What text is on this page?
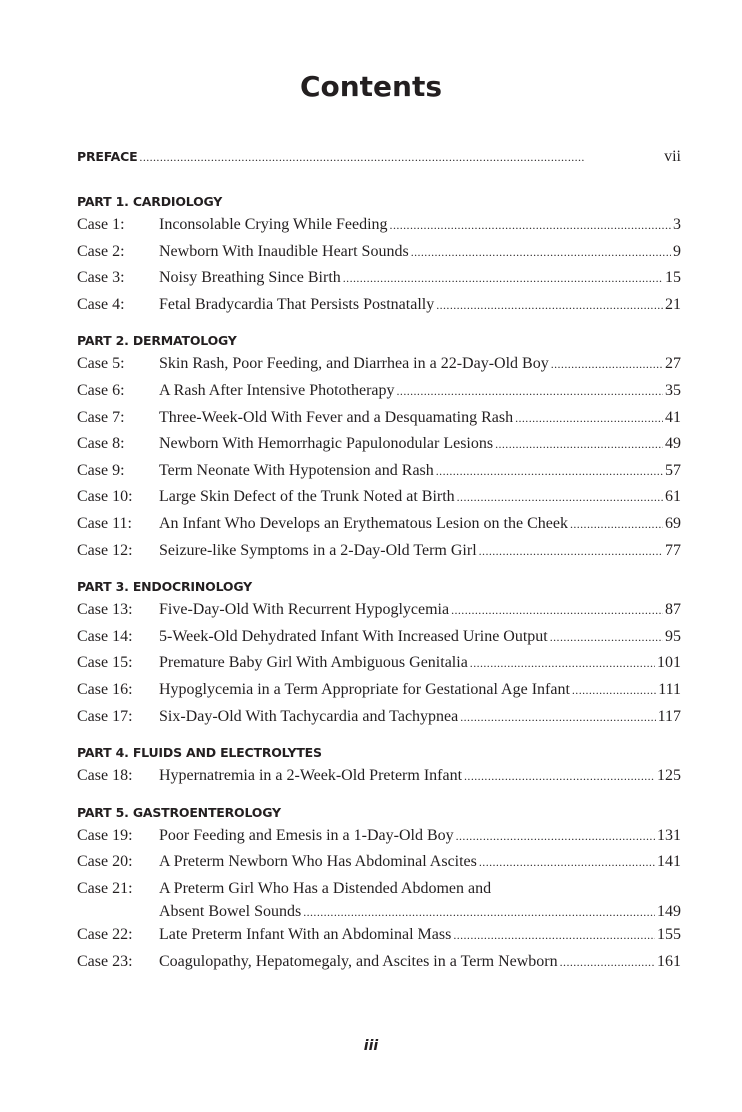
Contents
PREFACE . . .	vii
PART 1. CARDIOLOGY
Case 1:	Inconsolable Crying While Feeding . . .	3
Case 2:	Newborn With Inaudible Heart Sounds . . .	9
Case 3:	Noisy Breathing Since Birth . . .	15
Case 4:	Fetal Bradycardia That Persists Postnatally . . .	21
PART 2. DERMATOLOGY
Case 5:	Skin Rash, Poor Feeding, and Diarrhea in a 22-Day-Old Boy . . .	27
Case 6:	A Rash After Intensive Phototherapy . . .	35
Case 7:	Three-Week-Old With Fever and a Desquamating Rash . . .	41
Case 8:	Newborn With Hemorrhagic Papulonodular Lesions . . .	49
Case 9:	Term Neonate With Hypotension and Rash . . .	57
Case 10:	Large Skin Defect of the Trunk Noted at Birth . . .	61
Case 11:	An Infant Who Develops an Erythematous Lesion on the Cheek . . .	69
Case 12:	Seizure-like Symptoms in a 2-Day-Old Term Girl . . .	77
PART 3. ENDOCRINOLOGY
Case 13:	Five-Day-Old With Recurrent Hypoglycemia . . .	87
Case 14:	5-Week-Old Dehydrated Infant With Increased Urine Output . . .	95
Case 15:	Premature Baby Girl With Ambiguous Genitalia . . .	101
Case 16:	Hypoglycemia in a Term Appropriate for Gestational Age Infant . . .	111
Case 17:	Six-Day-Old With Tachycardia and Tachypnea . . .	117
PART 4. FLUIDS AND ELECTROLYTES
Case 18:	Hypernatremia in a 2-Week-Old Preterm Infant . . .	125
PART 5. GASTROENTEROLOGY
Case 19:	Poor Feeding and Emesis in a 1-Day-Old Boy . . .	131
Case 20:	A Preterm Newborn Who Has Abdominal Ascites . . .	141
Case 21:	A Preterm Girl Who Has a Distended Abdomen and
Absent Bowel Sounds . . .	149
Case 22:	Late Preterm Infant With an Abdominal Mass . . .	155
Case 23:	Coagulopathy, Hepatomegaly, and Ascites in a Term Newborn . . .	161
iii
